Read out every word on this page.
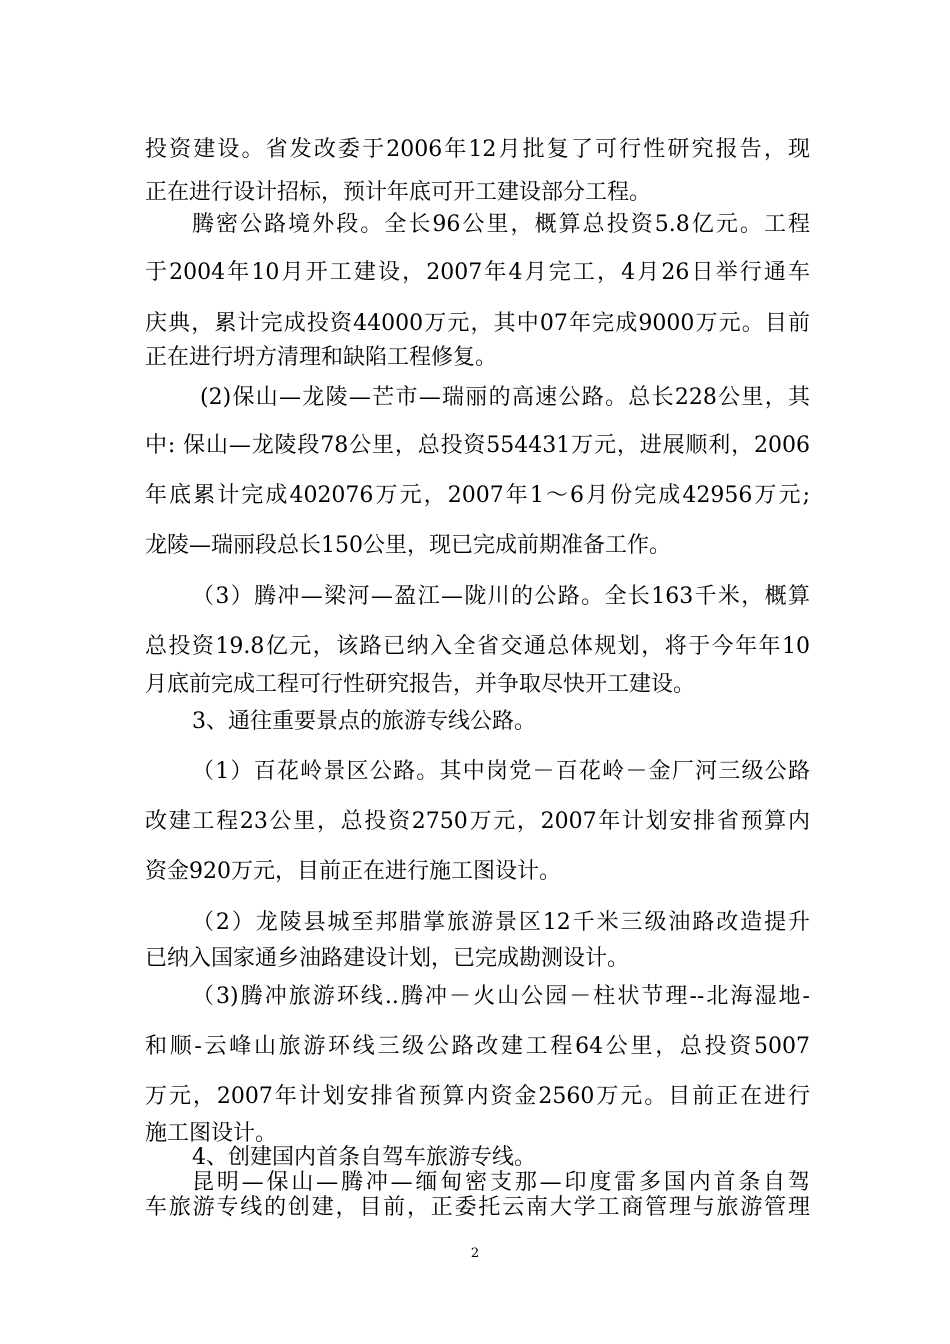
投资建设。省发改委于2006年12月批复了可行性研究报告，现
正在进行设计招标，预计年底可开工建设部分工程。
腾密公路境外段。全长96公里，概算总投资5.8亿元。工程
于2004年10月开工建设，2007年4月完工，4月26日举行通车
庆典，累计完成投资44000万元，其中07年完成9000万元。目前
正在进行坍方清理和缺陷工程修复。
(2)保山—龙陵—芒市—瑞丽的高速公路。总长228公里，其
中: 保山—龙陵段78公里，总投资554431万元，进展顺利，2006
年底累计完成402076万元，2007年1～6月份完成42956万元;
龙陵—瑞丽段总长150公里，现已完成前期准备工作。
（3）腾冲—梁河—盈江—陇川的公路。全长163千米，概算
总投资19.8亿元，该路已纳入全省交通总体规划，将于今年年10
月底前完成工程可行性研究报告，并争取尽快开工建设。
3、通往重要景点的旅游专线公路。
（1）百花岭景区公路。其中岗党－百花岭－金厂河三级公路
改建工程23公里，总投资2750万元，2007年计划安排省预算内
资金920万元，目前正在进行施工图设计。
（2）龙陵县城至邦腊掌旅游景区12千米三级油路改造提升
已纳入国家通乡油路建设计划，已完成勘测设计。
（3)腾冲旅游环线..腾冲－火山公园－柱状节理--北海湿地-
和顺-云峰山旅游环线三级公路改建工程64公里，总投资5007
万元，2007年计划安排省预算内资金2560万元。目前正在进行
施工图设计。
4、创建国内首条自驾车旅游专线。
昆明—保山—腾冲—缅甸密支那—印度雷多国内首条自驾
车旅游专线的创建，目前，正委托云南大学工商管理与旅游管理
2
